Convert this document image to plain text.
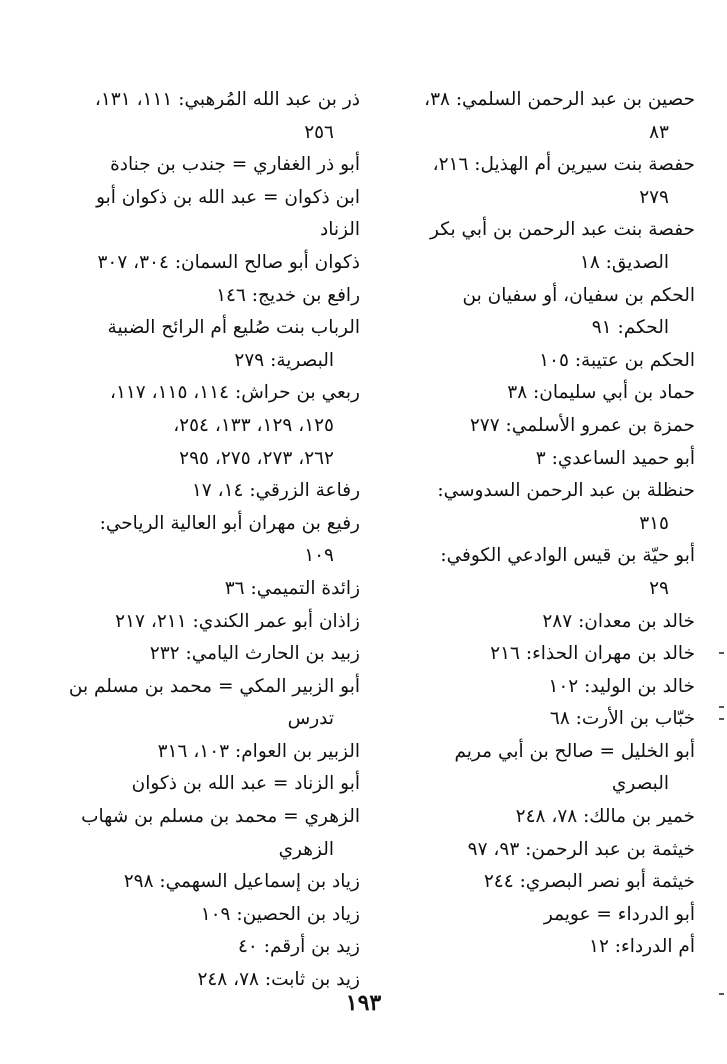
حصين بن عبد الرحمن السلمي: ٣٨،
٨٣

حفصة بنت سيرين أم الهذيل: ٢١٦،
٢٧٩

حفصة بنت عبد الرحمن بن أبي بكر
الصديق: ١٨

الحكم بن سفيان، أو سفيان بن
الحكم: ٩١

الحكم بن عتيبة: ١٠٥

حماد بن أبي سليمان: ٣٨

حمزة بن عمرو الأسلمي: ٢٧٧

أبو حميد الساعدي: ٣

حنظلة بن عبد الرحمن السدوسي:
٣١٥

أبو حيّة بن قيس الوادعي الكوفي:
٢٩

خالد بن معدان: ٢٨٧

خالد بن مهران الحذاء: ٢١٦

خالد بن الوليد: ١٠٢

خبّاب بن الأرت: ٦٨

أبو الخليل = صالح بن أبي مريم
البصري

خمير بن مالك: ٧٨، ٢٤٨

خيثمة بن عبد الرحمن: ٩٣، ٩٧

خيثمة أبو نصر البصري: ٢٤٤

أبو الدرداء = عويمر

أم الدرداء: ١٢

ذر بن عبد الله المُرهبي: ١١١، ١٣١،
٢٥٦

أبو ذر الغفاري = جندب بن جنادة

ابن ذكوان = عبد الله بن ذكوان أبو الزناد

ذكوان أبو صالح السمان: ٣٠٤، ٣٠٧

رافع بن خديج: ١٤٦

الرباب بنت صُليع أم الرائح الضبية
البصرية: ٢٧٩

ربعي بن حراش: ١١٤، ١١٥، ١١٧،
١٢٥، ١٢٩، ١٣٣، ٢٥٤،
٢٦٢، ٢٧٣، ٢٧٥، ٢٩٥

رفاعة الزرقي: ١٤، ١٧

رفيع بن مهران أبو العالية الرياحي:
١٠٩

زائدة التميمي: ٣٦

زاذان أبو عمر الكندي: ٢١١، ٢١٧

زبيد بن الحارث اليامي: ٢٣٢

أبو الزبير المكي = محمد بن مسلم بن
تدرس

الزبير بن العوام: ١٠٣، ٣١٦

أبو الزناد = عبد الله بن ذكوان

الزهري = محمد بن مسلم بن شهاب
الزهري

زياد بن إسماعيل السهمي: ٢٩٨

زياد بن الحصين: ١٠٩

زيد بن أرقم: ٤٠

زيد بن ثابت: ٧٨، ٢٤٨

١٩٣
